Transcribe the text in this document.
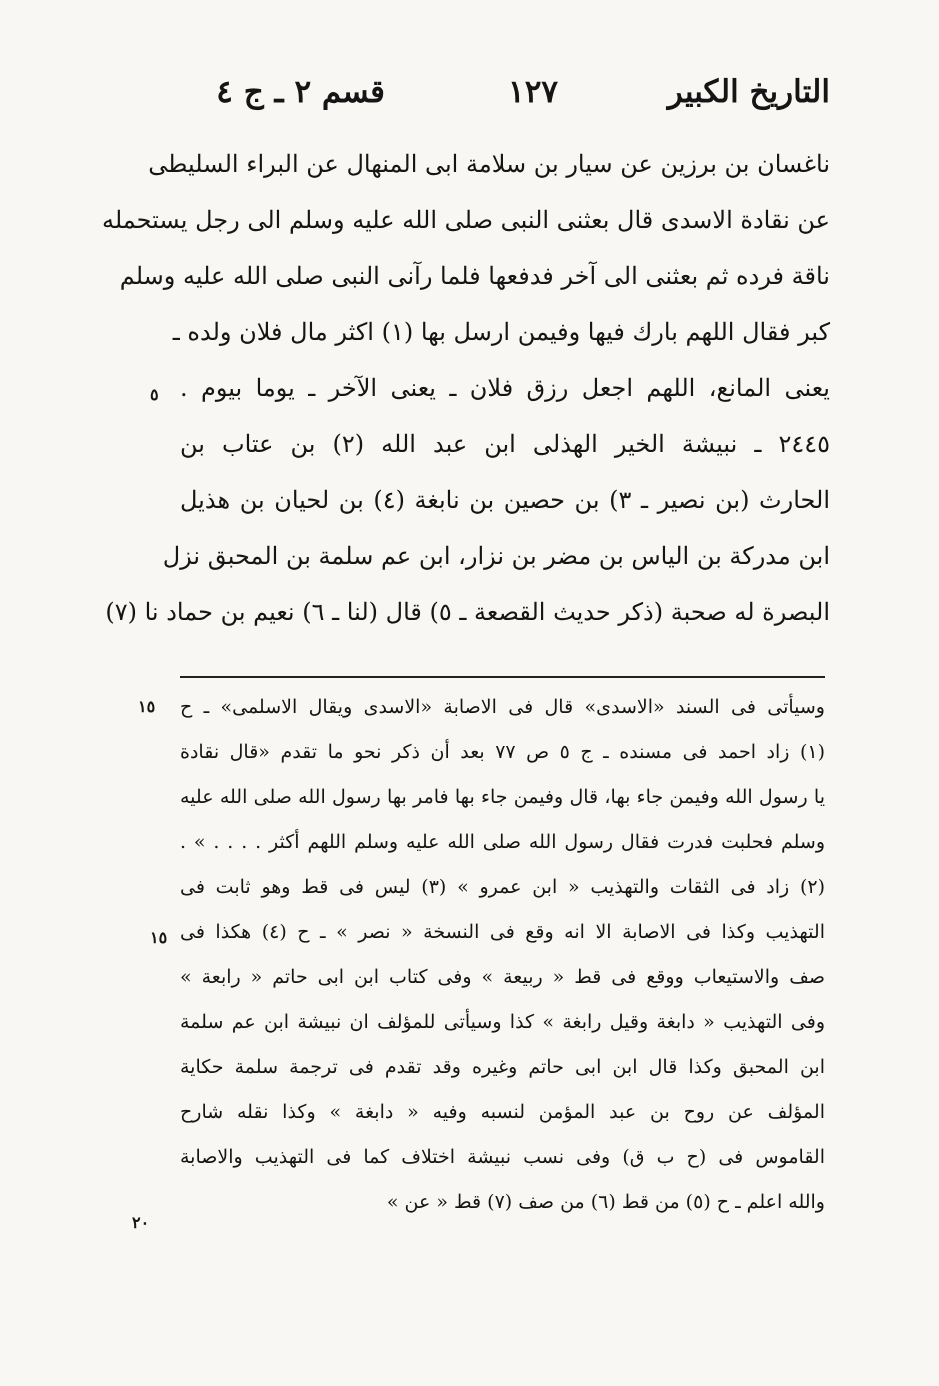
التاريخ الكبير
١٢٧
قسم ٢ ـ ج ٤
ناغسان بن برزين عن سيار بن سلامة ابى المنهال عن البراء السليطى
عن نقادة الاسدى قال بعثنى النبى صلى الله عليه وسلم الى رجل يستحمله
ناقة فرده ثم بعثنى الى آخر فدفعها فلما رآنى النبى صلى الله عليه وسلم
كبر فقال اللهم بارك فيها وفيمن ارسل بها (١) اكثر مال فلان ولده ـ
يعنى المانع، اللهم اجعل رزق فلان ـ يعنى الآخر ـ يوما بيوم .
٢٤٤٥ ـ نبيشة الخير الهذلى ابن عبد الله (٢) بن عتاب بن
الحارث (بن نصير ـ ٣) بن حصين بن نابغة (٤) بن لحيان بن هذيل
ابن مدركة بن الياس بن مضر بن نزار، ابن عم سلمة بن المحبق نزل
البصرة له صحبة (ذكر حديث القصعة ـ ٥) قال (لنا ـ ٦) نعيم بن حماد نا (٧)
٥
وسيأتى فى السند «الاسدى» قال فى الاصابة «الاسدى ويقال الاسلمى» ـ ح
(١) زاد احمد فى مسنده ـ ج ٥ ص ٧٧ بعد أن ذكر نحو ما تقدم «قال نقادة
يا رسول الله وفيمن جاء بها، قال وفيمن جاء بها فامر بها رسول الله صلى الله عليه
وسلم فحلبت فدرت فقال رسول الله صلى الله عليه وسلم اللهم أكثر . . . . » .
(٢) زاد فى الثقات والتهذيب « ابن عمرو » (٣) ليس فى قط وهو ثابت فى
التهذيب وكذا فى الاصابة الا انه وقع فى النسخة « نصر » ـ ح (٤) هكذا فى
صف والاستيعاب ووقع فى قط « ربيعة » وفى كتاب ابن ابى حاتم « رابعة »
وفى التهذيب « دابغة وقيل رابغة » كذا وسيأتى للمؤلف ان نبيشة ابن عم سلمة
ابن المحبق وكذا قال ابن ابى حاتم وغيره وقد تقدم فى ترجمة سلمة حكاية
المؤلف عن روح بن عبد المؤمن لنسبه وفيه « دابغة » وكذا نقله شارح
القاموس فى (ح ب ق) وفى نسب نبيشة اختلاف كما فى التهذيب والاصابة
والله اعلم ـ ح (٥) من قط (٦) من صف (٧) قط « عن »
١٥
١٥
٢٠
